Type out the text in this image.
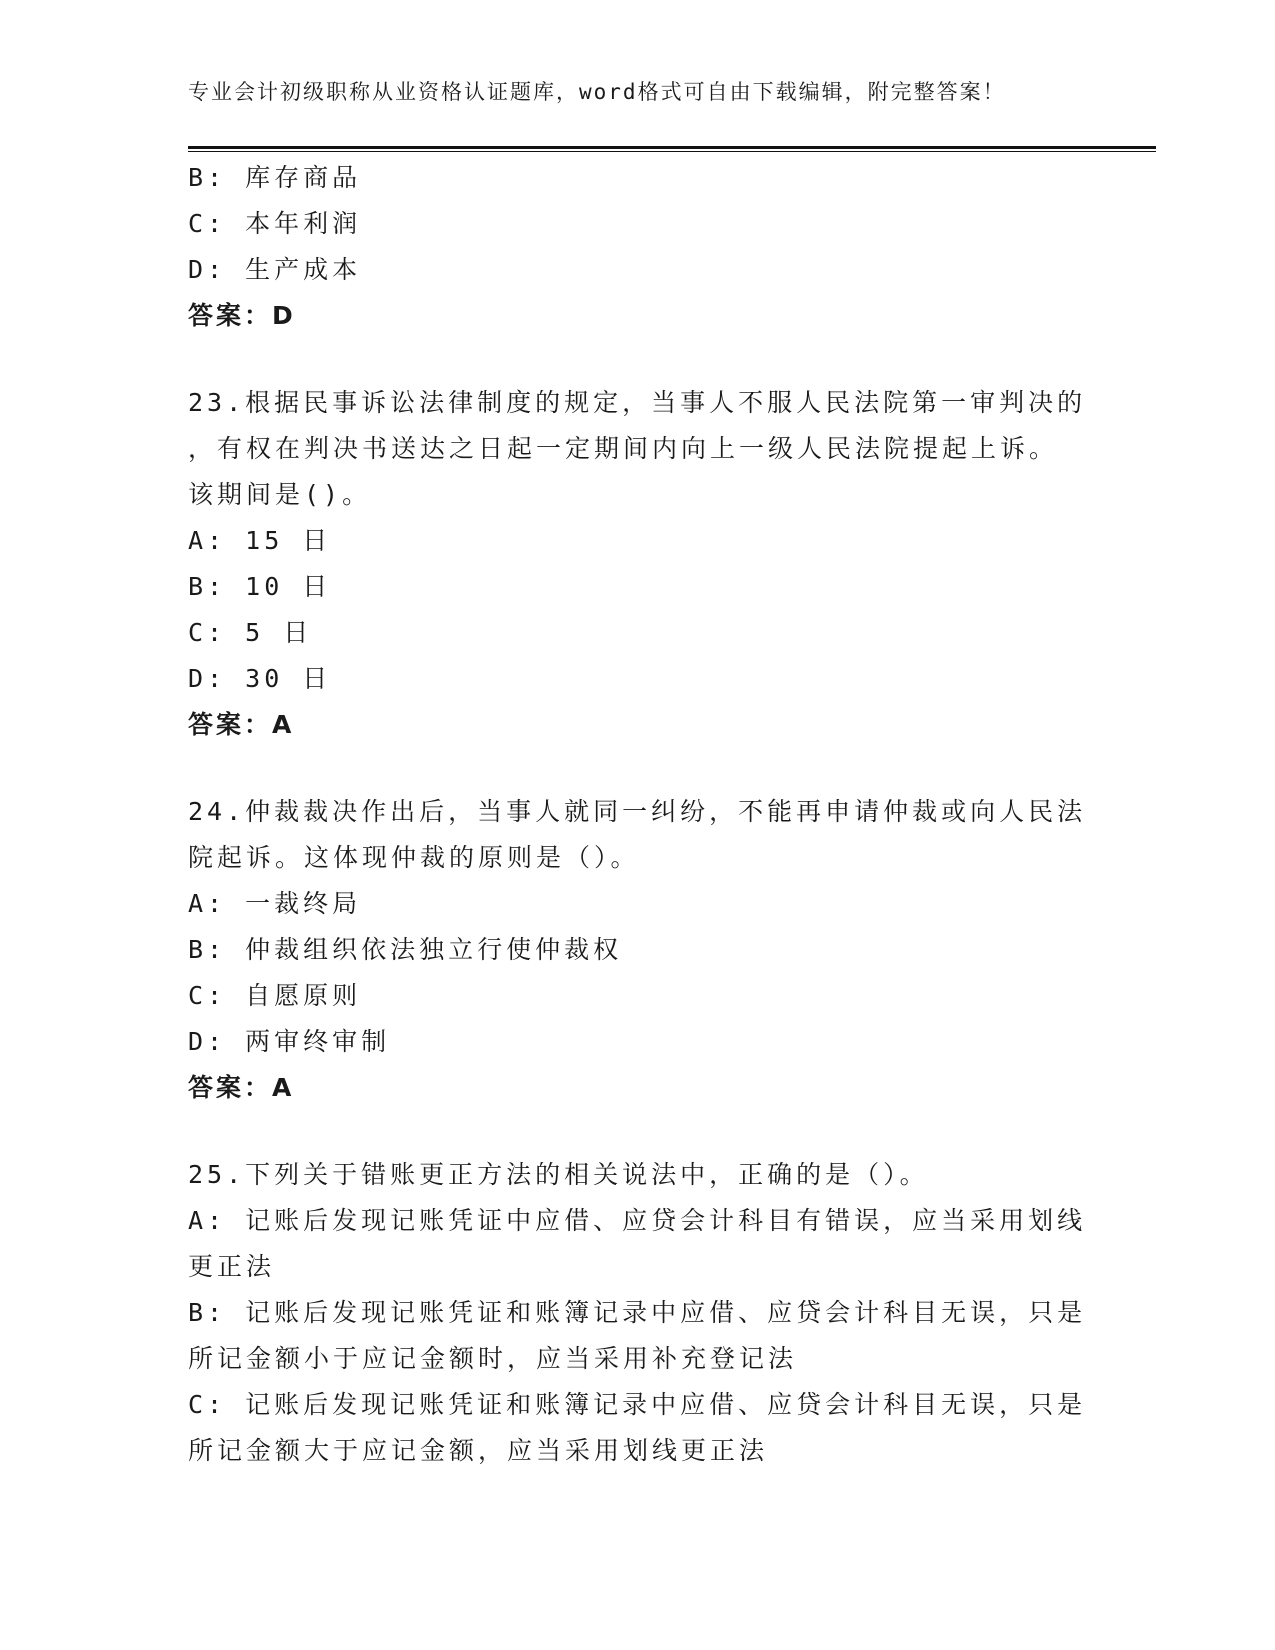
专业会计初级职称从业资格认证题库，word格式可自由下载编辑，附完整答案！
B: 库存商品
C: 本年利润
D: 生产成本
答案：D
23.根据民事诉讼法律制度的规定，当事人不服人民法院第一审判决的
，有权在判决书送达之日起一定期间内向上一级人民法院提起上诉。
该期间是()。
A: 15 日
B: 10 日
C: 5 日
D: 30 日
答案：A
24.仲裁裁决作出后，当事人就同一纠纷，不能再申请仲裁或向人民法
院起诉。这体现仲裁的原则是（）。
A: 一裁终局
B: 仲裁组织依法独立行使仲裁权
C: 自愿原则
D: 两审终审制
答案：A
25.下列关于错账更正方法的相关说法中，正确的是（）。
A: 记账后发现记账凭证中应借、应贷会计科目有错误，应当采用划线
更正法
B: 记账后发现记账凭证和账簿记录中应借、应贷会计科目无误，只是
所记金额小于应记金额时，应当采用补充登记法
C: 记账后发现记账凭证和账簿记录中应借、应贷会计科目无误，只是
所记金额大于应记金额，应当采用划线更正法
